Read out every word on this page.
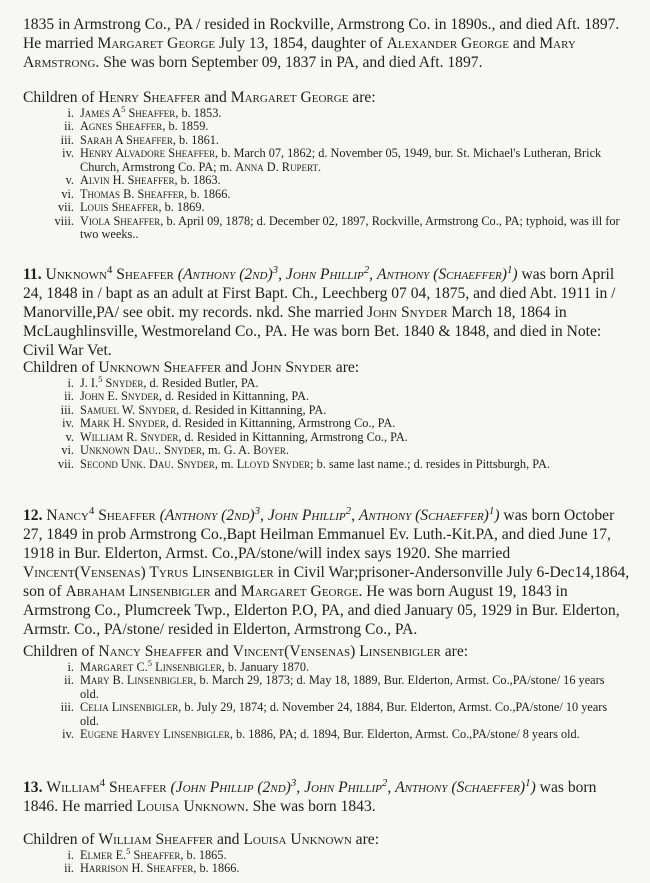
1835 in Armstrong Co., PA / resided in Rockville, Armstrong Co. in 1890s., and died Aft. 1897. He married Margaret George July 13, 1854, daughter of Alexander George and Mary Armstrong. She was born September 09, 1837 in PA, and died Aft. 1897.

Children of Henry Sheaffer and Margaret George are:

i. James $A^5$ Sheaffer, b. 1853.
ii. Agnes Sheaffer, b. 1859.
iii. Sarah A Sheaffer, b. 1861.
iv. Henry Alvadore Sheaffer, b. March 07, 1862; d. November 05, 1949, bur. St. Michael's Lutheran, Brick Church, Armstrong Co. PA; m. Anna D. Rupert.
v. Alvin H. Sheaffer, b. 1863.
vi. Thomas B. Sheaffer, b. 1866.
vii. Louis Sheaffer, b. 1869.
viii. Viola Sheaffer, b. April 09, 1878; d. December 02, 1897, Rockville, Armstrong Co., PA; typhoid, was ill for two weeks..

11. Unknown$^4$ Sheaffer (Anthony $(2nd)^3$, John Phillip$^2$, Anthony (Schaeffer)$^1$) was born April 24, 1848 in / bapt as an adult at First Bapt. Ch., Leechberg 07 04, 1875, and died Abt. 1911 in / Manorville,PA/ see obit. my records. nkd. She married John Snyder March 18, 1864 in McLaughlinsville, Westmoreland Co., PA. He was born Bet. 1840 & 1848, and died in Note: Civil War Vet.

Children of Unknown Sheaffer and John Snyder are:

i. J. I.$^5$ Snyder, d. Resided Butler, PA.
ii. John E. Snyder, d. Resided in Kittanning, PA.
iii. Samuel W. Snyder, d. Resided in Kittanning, PA.
iv. Mark H. Snyder, d. Resided in Kittanning, Armstrong Co., PA.
v. William R. Snyder, d. Resided in Kittanning, Armstrong Co., PA.
vi. Unknown Dau.. Snyder, m. G. A. Boyer.
vii. Second Unk. Dau. Snyder, m. Lloyd Snyder; b. same last name.; d. resides in Pittsburgh, PA.

12. Nancy$^4$ Sheaffer (Anthony $(2nd)^3$, John Phillip$^2$, Anthony (Schaeffer)$^1$) was born October 27, 1849 in prob Armstrong Co.,Bapt Heilman Emmanuel Ev. Luth.-Kit.PA, and died June 17, 1918 in Bur. Elderton, Armst. Co.,PA/stone/will index says 1920. She married Vincent(Vensenas) Tyrus Linsenbigler in Civil War;prisoner-Andersonville July 6-Dec14,1864, son of Abraham Linsenbigler and Margaret George. He was born August 19, 1843 in Armstrong Co., Plumcreek Twp., Elderton P.O, PA, and died January 05, 1929 in Bur. Elderton, Armstr. Co., PA/stone/ resided in Elderton, Armstrong Co., PA.

Children of Nancy Sheaffer and Vincent(Vensenas) Linsenbigler are:

i. Margaret C.$^5$ Linsenbigler, b. January 1870.
ii. Mary B. Linsenbigler, b. March 29, 1873; d. May 18, 1889, Bur. Elderton, Armst. Co.,PA/stone/ 16 years old.
iii. Celia Linsenbigler, b. July 29, 1874; d. November 24, 1884, Bur. Elderton, Armst. Co.,PA/stone/ 10 years old.
iv. Eugene Harvey Linsenbigler, b. 1886, PA; d. 1894, Bur. Elderton, Armst. Co.,PA/stone/ 8 years old.

13. William$^4$ Sheaffer (John Phillip $(2nd)^3$, John Phillip$^2$, Anthony (Schaeffer)$^1$) was born 1846. He married Louisa Unknown. She was born 1843.

Children of William Sheaffer and Louisa Unknown are:

i. Elmer E.$^5$ Sheaffer, b. 1865.
ii. Harrison H. Sheaffer, b. 1866.
